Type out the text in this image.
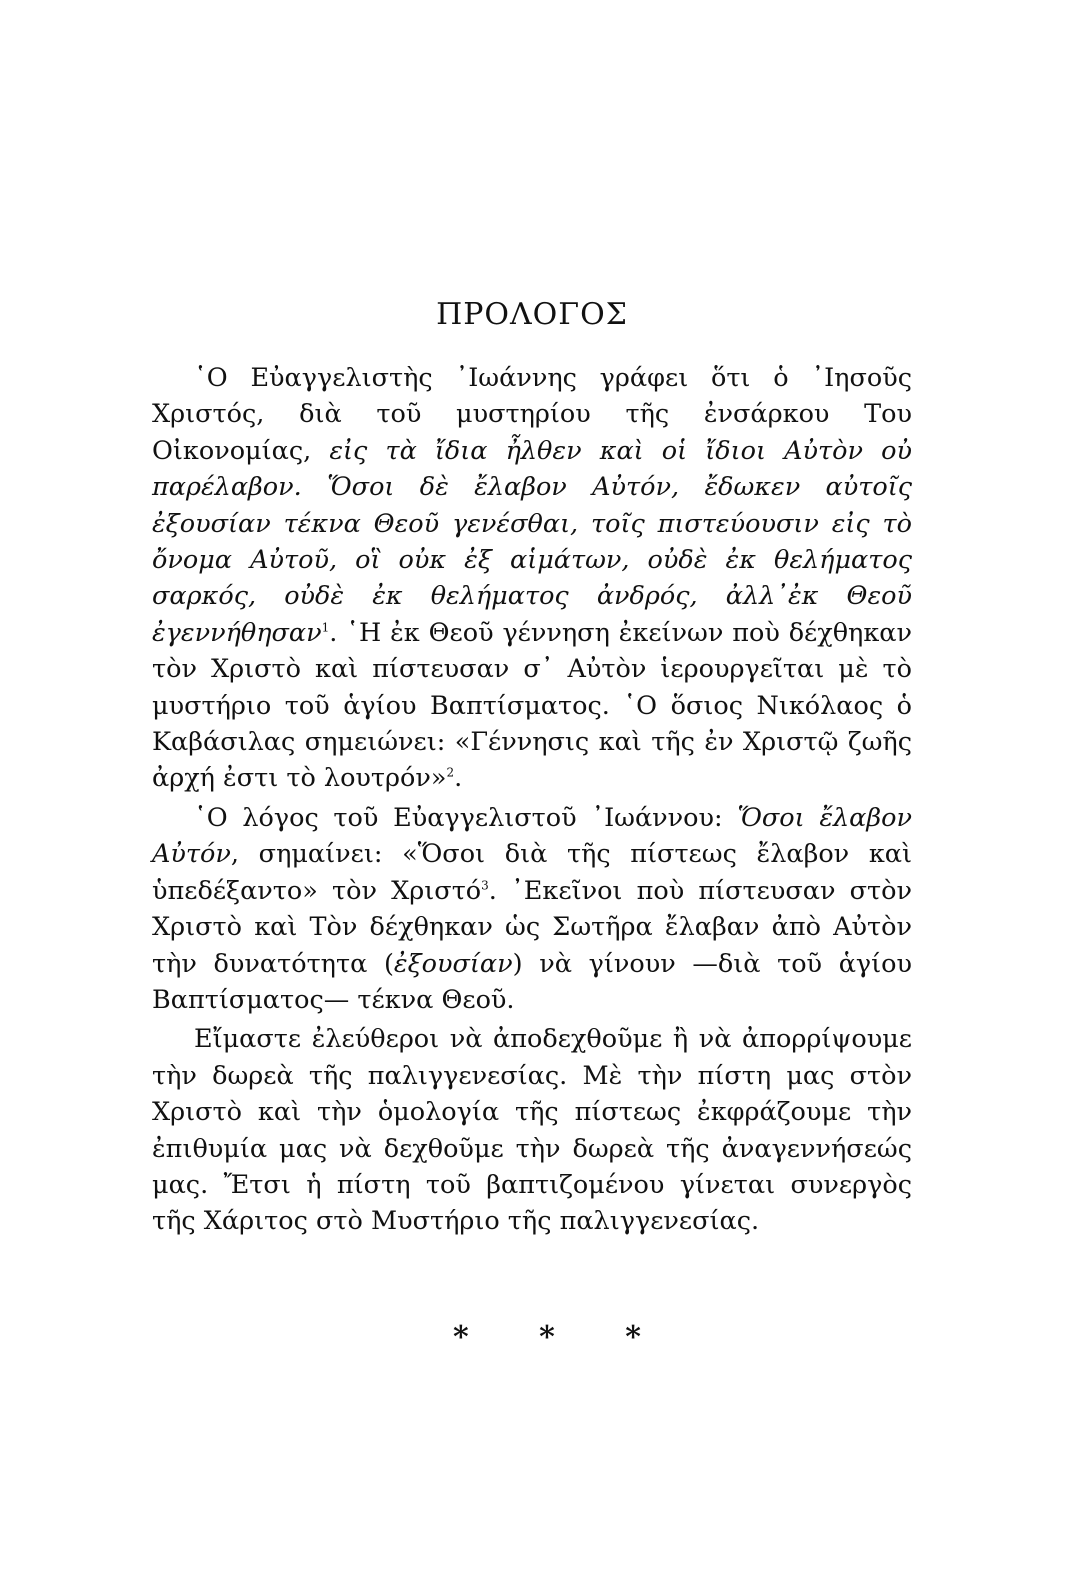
ΠΡΟΛΟΓΟΣ

῾Ο Εὐαγγελιστὴς ᾿Ιωάννης γράφει ὅτι ὁ ᾿Ιησοῦς Χριστός, διὰ τοῦ μυστηρίου τῆς ἐνσάρκου Του Οἰκονομίας, εἰς τὰ ἴδια ἦλθεν καὶ οἱ ἴδιοι Αὐτὸν οὐ παρέλαβον. Ὅσοι δὲ ἔλαβον Αὐτόν, ἔδωκεν αὐτοῖς ἐξουσίαν τέκνα Θεοῦ γενέσθαι, τοῖς πιστεύουσιν εἰς τὸ ὄνομα Αὐτοῦ, οἳ οὐκ ἐξ αἱμάτων, οὐδὲ ἐκ θελήματος σαρκός, οὐδὲ ἐκ θελήματος ἀνδρός, ἀλλ᾿ἐκ Θεοῦ ἐγεννήθησαν$^1$. ῾Η ἐκ Θεοῦ γέννηση ἐκείνων ποὺ δέχθηκαν τὸν Χριστὸ καὶ πίστευσαν σ᾿ Αὐτὸν ἱερουργεῖται μὲ τὸ μυστήριο τοῦ ἁγίου Βαπτίσματος. ῾Ο ὅσιος Νικόλαος ὁ Καβάσιλας σημειώνει: «Γέννησις καὶ τῆς ἐν Χριστῷ ζωῆς ἀρχή ἐστι τὸ λουτρόν»$^2$.

῾Ο λόγος τοῦ Εὐαγγελιστοῦ ᾿Ιωάννου: Ὅσοι ἔλαβον Αὐτόν, σημαίνει: «Ὅσοι διὰ τῆς πίστεως ἔλαβον καὶ ὑπεδέξαντο» τὸν Χριστό$^3$. ᾿Εκεῖνοι ποὺ πίστευσαν στὸν Χριστὸ καὶ Τὸν δέχθηκαν ὡς Σωτῆρα ἔλαβαν ἀπὸ Αὐτὸν τὴν δυνατότητα (ἐξουσίαν) νὰ γίνουν —διὰ τοῦ ἁγίου Βαπτίσματος— τέκνα Θεοῦ.

Εἴμαστε ἐλεύθεροι νὰ ἀποδεχθοῦμε ἢ νὰ ἀπορρίψουμε τὴν δωρεὰ τῆς παλιγγενεσίας. Μὲ τὴν πίστη μας στὸν Χριστὸ καὶ τὴν ὁμολογία τῆς πίστεως ἐκφράζουμε τὴν ἐπιθυμία μας νὰ δεχθοῦμε τὴν δωρεὰ τῆς ἀναγεννήσεώς μας. Ἔτσι ἡ πίστη τοῦ βαπτιζομένου γίνεται συνεργὸς τῆς Χάριτος στὸ Μυστήριο τῆς παλιγγενεσίας.

* * *
